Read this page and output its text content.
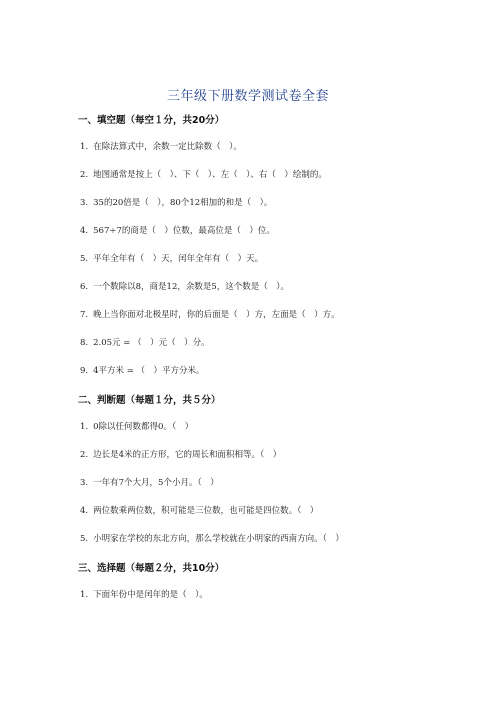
三年级下册数学测试卷全套
一、填空题（每空１分，共20分）
1. 在除法算式中，余数一定比除数（　）。
2. 地图通常是按上（　）、下（　）、左（　）、右（　）绘制的。
3. 35的20倍是（　），80个12相加的和是（　）。
4. 567÷7的商是（　）位数，最高位是（　）位。
5. 平年全年有（　）天，闰年全年有（　）天。
6. 一个数除以8，商是12，余数是5，这个数是（　）。
7. 晚上当你面对北极星时，你的后面是（　）方，左面是（　）方。
8. 2.05元 = （　）元（　）分。
9. 4平方米 = （　）平方分米。
二、判断题（每题１分，共５分）
1. 0除以任何数都得0。（　）
2. 边长是4米的正方形，它的周长和面积相等。（　）
3. 一年有7个大月，5个小月。（　）
4. 两位数乘两位数，积可能是三位数，也可能是四位数。（　）
5. 小明家在学校的东北方向，那么学校就在小明家的西南方向。（　）
三、选择题（每题２分，共10分）
1. 下面年份中是闰年的是（　）。
